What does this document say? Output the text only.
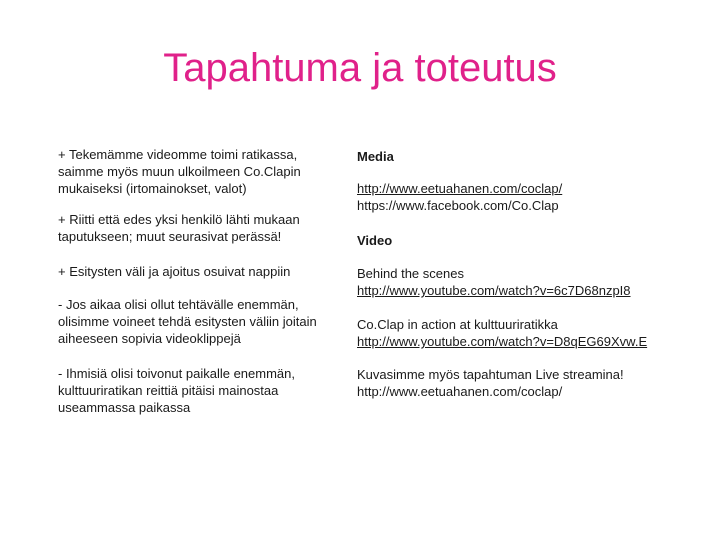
Tapahtuma ja toteutus

+ Tekemämme videomme toimi ratikassa, saimme myös muun ulkoilmeen Co.Clapin mukaiseksi (irtomainokset, valot)

+ Riitti että edes yksi henkilö lähti mukaan taputukseen; muut seurasivat perässä!

+ Esitysten väli ja ajoitus osuivat nappiin

- Jos aikaa olisi ollut tehtävälle enemmän, olisimme voineet tehdä esitysten väliin joitain aiheeseen sopivia videoklippejä

- Ihmisiä olisi toivonut paikalle enemmän, kulttuuriratikan reittiä pitäisi mainostaa useammassa paikassa

Media

http://www.eetuahanen.com/coclap/
https://www.facebook.com/Co.Clap

Video

Behind the scenes
http://www.youtube.com/watch?v=6c7D68nzpI8

Co.Clap in action at kulttuuriratikka
http://www.youtube.com/watch?v=D8qEG69Xvw.E

Kuvasimme myös tapahtuman Live streamina!
http://www.eetuahanen.com/coclap/
